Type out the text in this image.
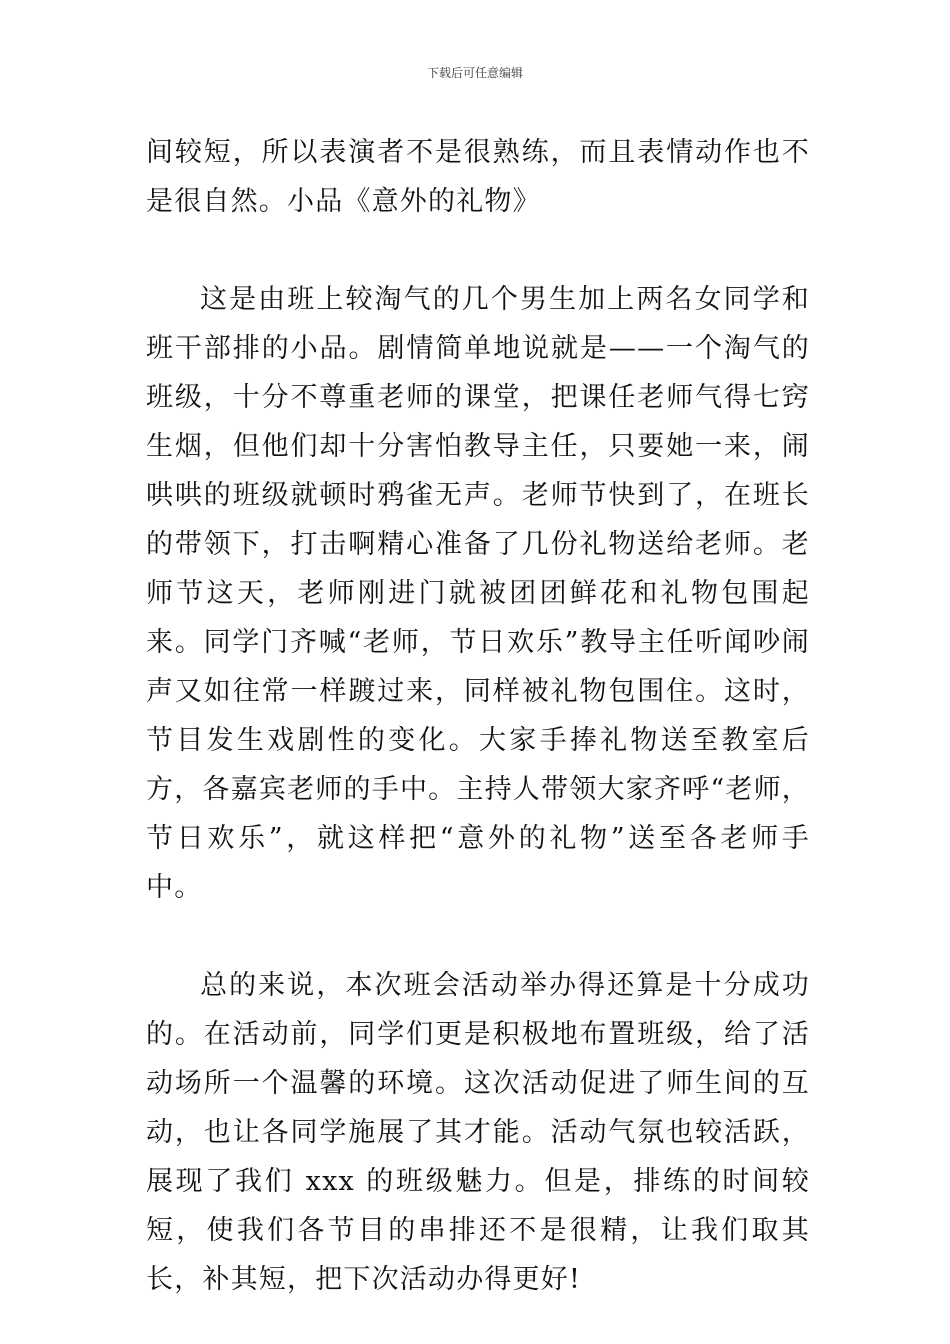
下载后可任意编辑

间较短，所以表演者不是很熟练，而且表情动作也不是很自然。小品《意外的礼物》

这是由班上较淘气的几个男生加上两名女同学和班干部排的小品。剧情简单地说就是——一个淘气的班级，十分不尊重老师的课堂，把课任老师气得七窍生烟，但他们却十分害怕教导主任，只要她一来，闹哄哄的班级就顿时鸦雀无声。老师节快到了，在班长的带领下，打击啊精心准备了几份礼物送给老师。老师节这天，老师刚进门就被团团鲜花和礼物包围起来。同学门齐喊“老师，节日欢乐”教导主任听闻吵闹声又如往常一样踱过来，同样被礼物包围住。这时，节目发生戏剧性的变化。大家手捧礼物送至教室后方，各嘉宾老师的手中。主持人带领大家齐呼“老师，节日欢乐”，就这样把“意外的礼物”送至各老师手中。

总的来说，本次班会活动举办得还算是十分成功的。在活动前，同学们更是积极地布置班级，给了活动场所一个温馨的环境。这次活动促进了师生间的互动，也让各同学施展了其才能。活动气氛也较活跃，展现了我们 xxx 的班级魅力。但是，排练的时间较短，使我们各节目的串排还不是很精，让我们取其长，补其短，把下次活动办得更好!
